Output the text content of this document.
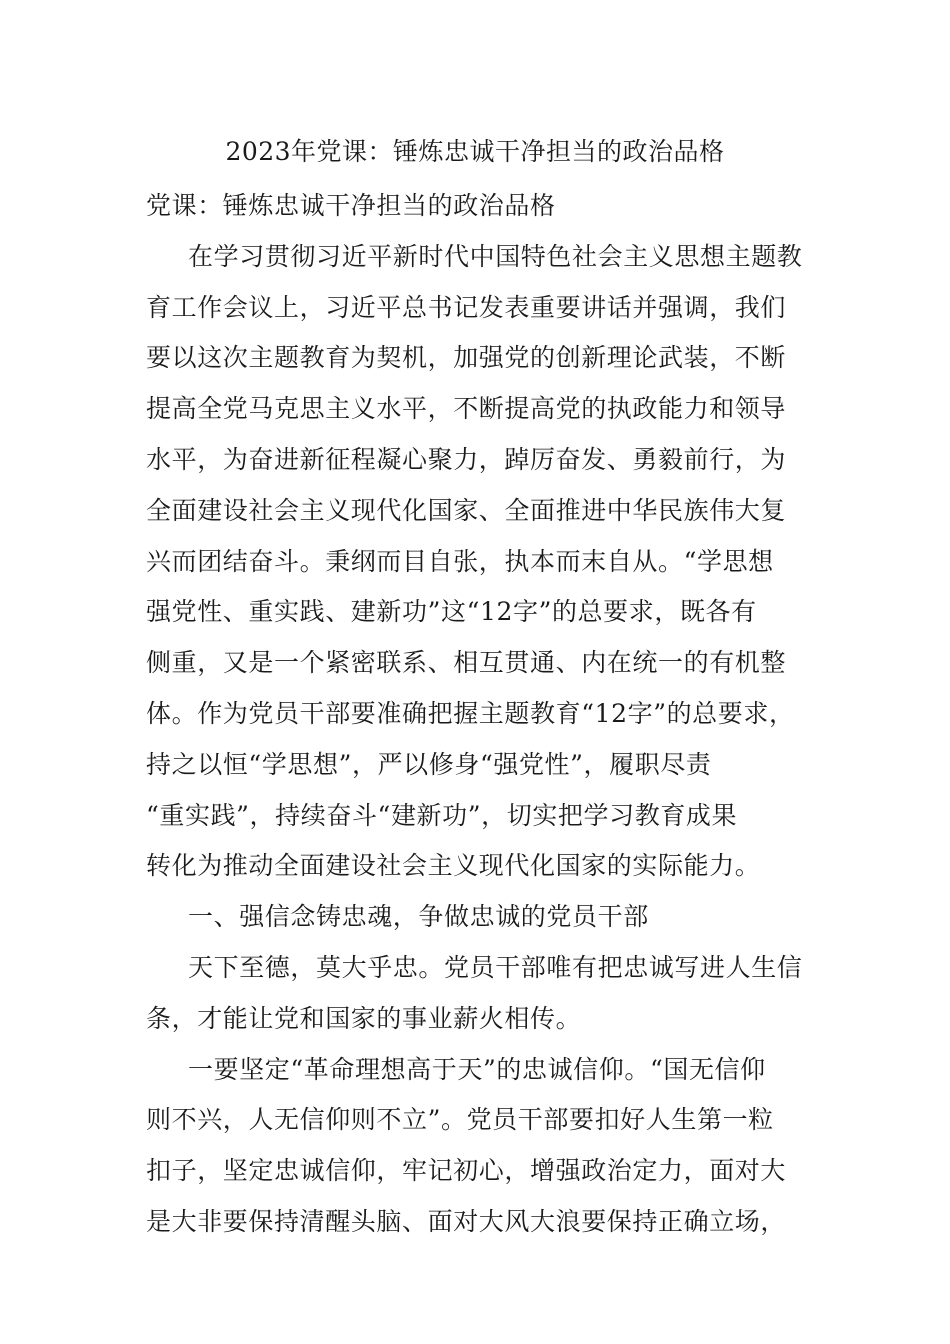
2023年党课：锤炼忠诚干净担当的政治品格
党课：锤炼忠诚干净担当的政治品格
在学习贯彻习近平新时代中国特色社会主义思想主题教
育工作会议上，习近平总书记发表重要讲话并强调，我们
要以这次主题教育为契机，加强党的创新理论武装，不断
提高全党马克思主义水平，不断提高党的执政能力和领导
水平，为奋进新征程凝心聚力，踔厉奋发、勇毅前行，为
全面建设社会主义现代化国家、全面推进中华民族伟大复
兴而团结奋斗。秉纲而目自张，执本而末自从。“学思想
强党性、重实践、建新功”这“12字”的总要求，既各有
侧重，又是一个紧密联系、相互贯通、内在统一的有机整
体。作为党员干部要准确把握主题教育“12字”的总要求，
持之以恒“学思想”，严以修身“强党性”，履职尽责
“重实践”，持续奋斗“建新功”，切实把学习教育成果
转化为推动全面建设社会主义现代化国家的实际能力。
一、强信念铸忠魂，争做忠诚的党员干部
天下至德，莫大乎忠。党员干部唯有把忠诚写进人生信
条，才能让党和国家的事业薪火相传。
一要坚定“革命理想高于天”的忠诚信仰。“国无信仰
则不兴，人无信仰则不立”。党员干部要扣好人生第一粒
扣子，坚定忠诚信仰，牢记初心，增强政治定力，面对大
是大非要保持清醒头脑、面对大风大浪要保持正确立场，
